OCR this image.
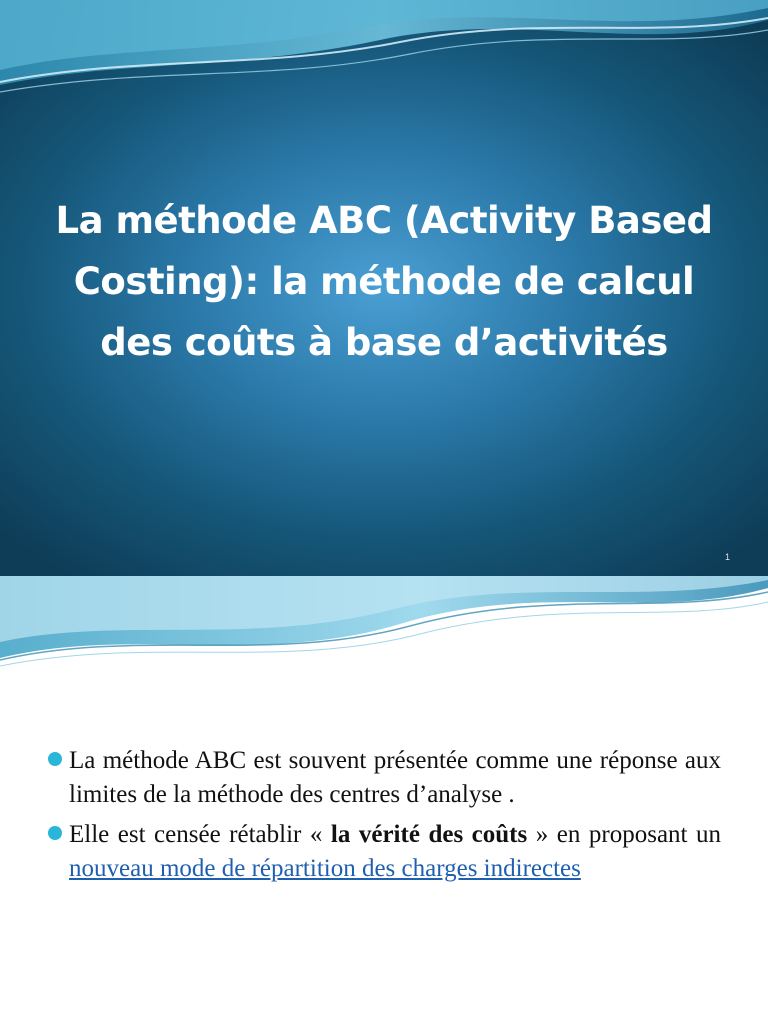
La méthode ABC (Activity Based
Costing): la méthode de calcul
des coûts à base d’activités
1
La méthode ABC est souvent présentée comme une réponse aux limites de la méthode des centres d’analyse .
Elle est censée rétablir « la vérité des coûts » en proposant un nouveau mode de répartition des charges indirectes
